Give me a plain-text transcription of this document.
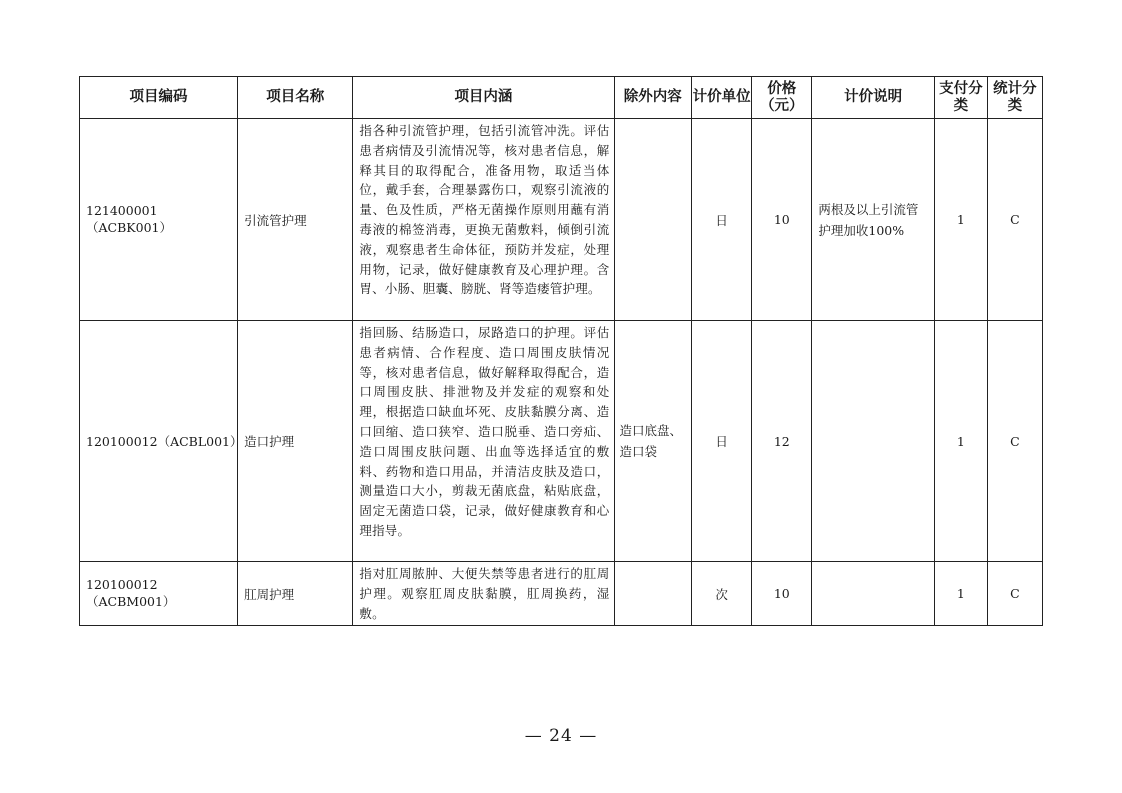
项目编码	项目名称	项目内涵	除外内容	计价单位	价格（元）	计价说明	支付分类	统计分类
121400001（ACBK001）	引流管护理	指各种引流管护理，包括引流管冲洗。评估患者病情及引流情况等，核对患者信息，解释其目的取得配合，准备用物，取适当体位，戴手套，合理暴露伤口，观察引流液的量、色及性质，严格无菌操作原则用蘸有消毒液的棉签消毒，更换无菌敷料，倾倒引流液，观察患者生命体征，预防并发症，处理用物，记录，做好健康教育及心理护理。含胃、小肠、胆囊、膀胱、肾等造瘘管护理。		日	10	两根及以上引流管护理加收100%	1	C
120100012（ACBL001）	造口护理	指回肠、结肠造口，尿路造口的护理。评估患者病情、合作程度、造口周围皮肤情况等，核对患者信息，做好解释取得配合，造口周围皮肤、排泄物及并发症的观察和处理，根据造口缺血坏死、皮肤黏膜分离、造口回缩、造口狭窄、造口脱垂、造口旁疝、造口周围皮肤问题、出血等选择适宜的敷料、药物和造口用品，并清洁皮肤及造口，测量造口大小，剪裁无菌底盘，粘贴底盘，固定无菌造口袋，记录，做好健康教育和心理指导。	造口底盘、造口袋	日	12		1	C
120100012（ACBM001）	肛周护理	指对肛周脓肿、大便失禁等患者进行的肛周护理。观察肛周皮肤黏膜，肛周换药，湿敷。		次	10		1	C
— 24 —
